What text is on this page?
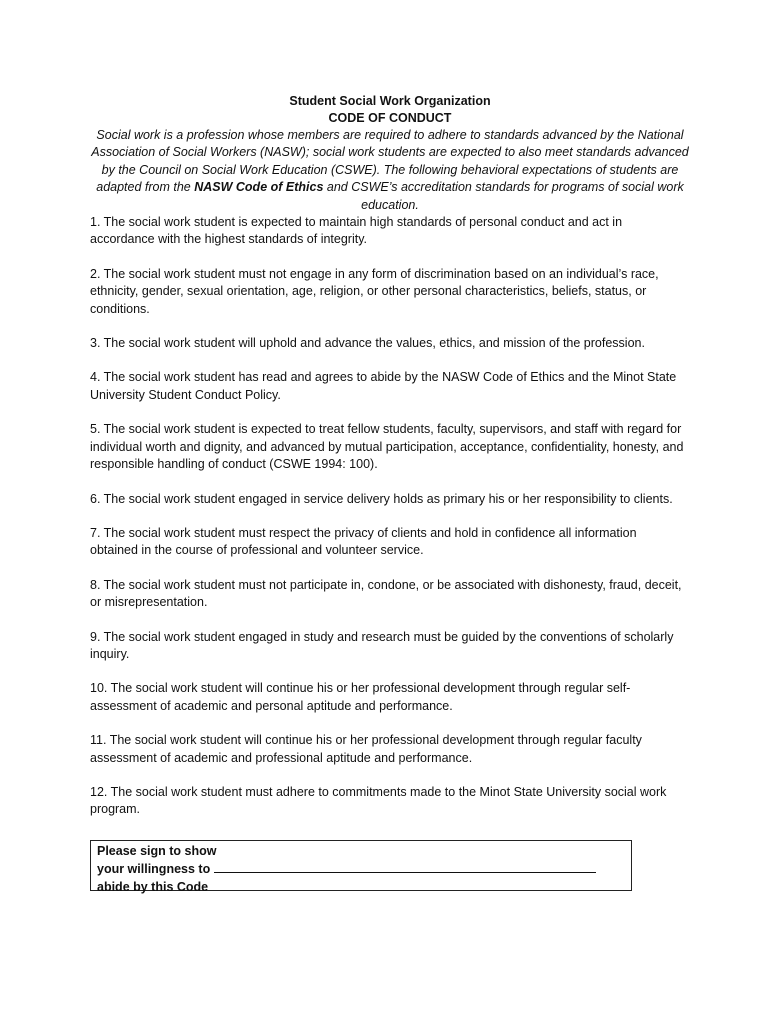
Student Social Work Organization

CODE OF CONDUCT

Social work is a profession whose members are required to adhere to standards advanced by the National Association of Social Workers (NASW); social work students are expected to also meet standards advanced by the Council on Social Work Education (CSWE). The following behavioral expectations of students are adapted from the NASW Code of Ethics and CSWE’s accreditation standards for programs of social work education.

1. The social work student is expected to maintain high standards of personal conduct and act in accordance with the highest standards of integrity.
2. The social work student must not engage in any form of discrimination based on an individual’s race, ethnicity, gender, sexual orientation, age, religion, or other personal characteristics, beliefs, status, or conditions.
3. The social work student will uphold and advance the values, ethics, and mission of the profession.
4. The social work student has read and agrees to abide by the NASW Code of Ethics and the Minot State University Student Conduct Policy.
5. The social work student is expected to treat fellow students, faculty, supervisors, and staff with regard for individual worth and dignity, and advanced by mutual participation, acceptance, confidentiality, honesty, and responsible handling of conduct (CSWE 1994: 100).
6. The social work student engaged in service delivery holds as primary his or her responsibility to clients.
7. The social work student must respect the privacy of clients and hold in confidence all information obtained in the course of professional and volunteer service.
8. The social work student must not participate in, condone, or be associated with dishonesty, fraud, deceit, or misrepresentation.
9. The social work student engaged in study and research must be guided by the conventions of scholarly inquiry.
10. The social work student will continue his or her professional development through regular self-assessment of academic and personal aptitude and performance.
11. The social work student will continue his or her professional development through regular faculty assessment of academic and professional aptitude and performance.
12. The social work student must adhere to commitments made to the Minot State University social work program.

Please sign to show

your willingness to

abide by this Code
